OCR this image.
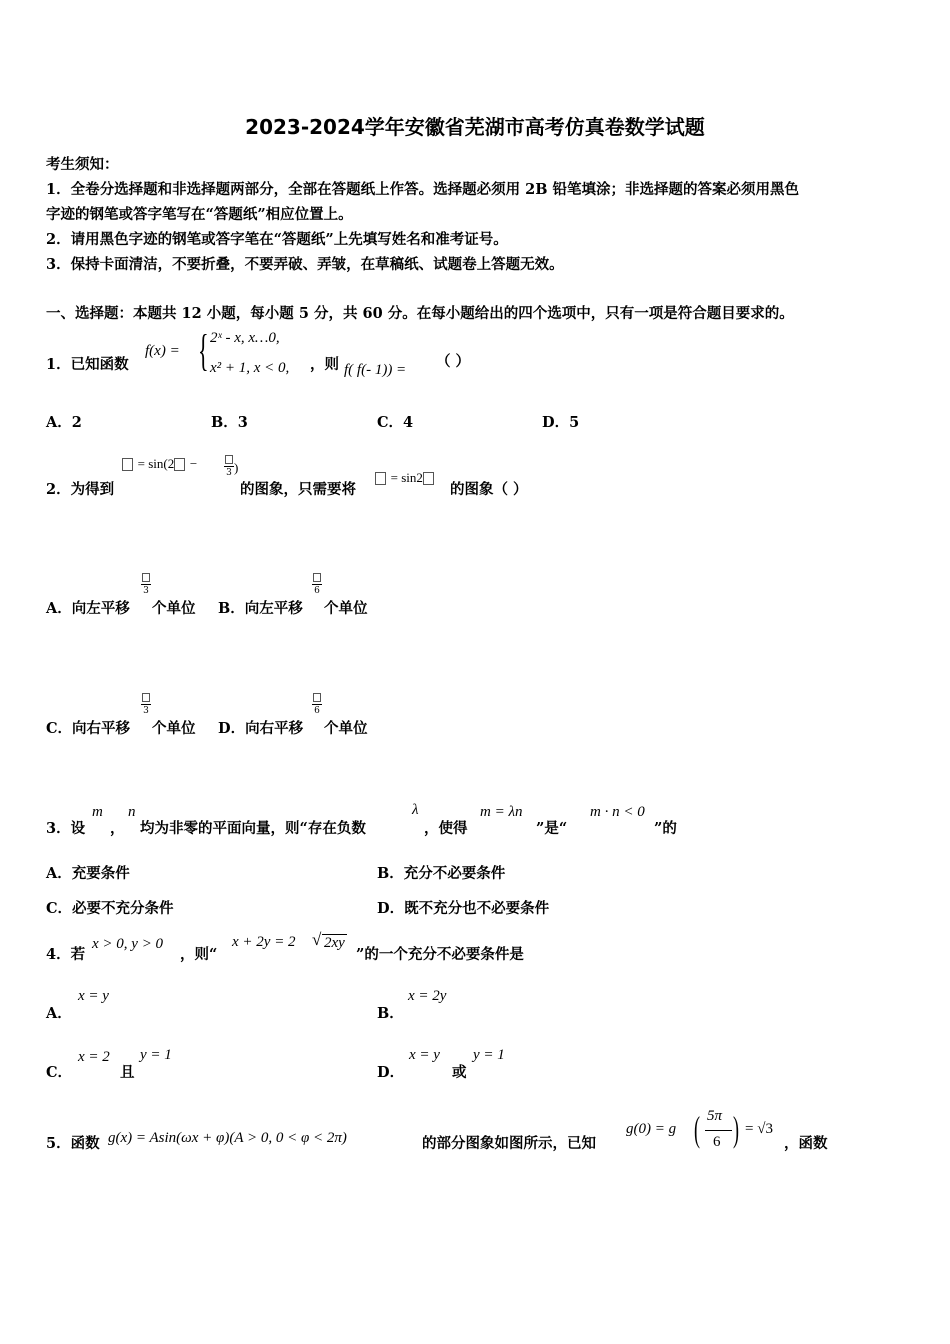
2023-2024学年安徽省芜湖市高考仿真卷数学试题
考生须知：
1．全卷分选择题和非选择题两部分，全部在答题纸上作答。选择题必须用 2B 铅笔填涂；非选择题的答案必须用黑色
字迹的钢笔或答字笔写在“答题纸”相应位置上。
2．请用黑色字迹的钢笔或答字笔在“答题纸”上先填写姓名和准考证号。
3．保持卡面清洁，不要折叠，不要弄破、弄皱，在草稿纸、试题卷上答题无效。
一、选择题：本题共 12 小题，每小题 5 分，共 60 分。在每小题给出的四个选项中，只有一项是符合题目要求的。
1．已知函数
f(x) = { 2ˣ - x, x…0,
x² + 1, x < 0, ，则 f( f(- 1)) = （ ）
A．2	B．3	C．4	D．5
2．为得到
= sin(2 −
3 )
的图象，只需要将
= sin2
的图象（ ）
A．向左平移
3
个单位 B．向左平移
6
个单位
C．向右平移
3
个单位 D．向右平移
6
个单位
3．设
m
，
n
均为非零的平面向量，则“存在负数
λ
，使得
m = λn
”是“
m · n < 0
”的
A．充要条件	B．充分不必要条件
C．必要不充分条件	D．既不充分也不必要条件
4．若
x > 0, y > 0
，则“
x + 2y = 2 √ 2xy
”的一个充分不必要条件是
A．
x = y
B．
x = 2y
C．
x = 2
且
y = 1
D．
x = y
或
y = 1
5．函数 g(x) = Asin(ωx + φ)(A > 0, 0 < φ < 2π)	的部分图象如图所示，已知
g(0) = g ( 5π
6 ) = √3
，函数
